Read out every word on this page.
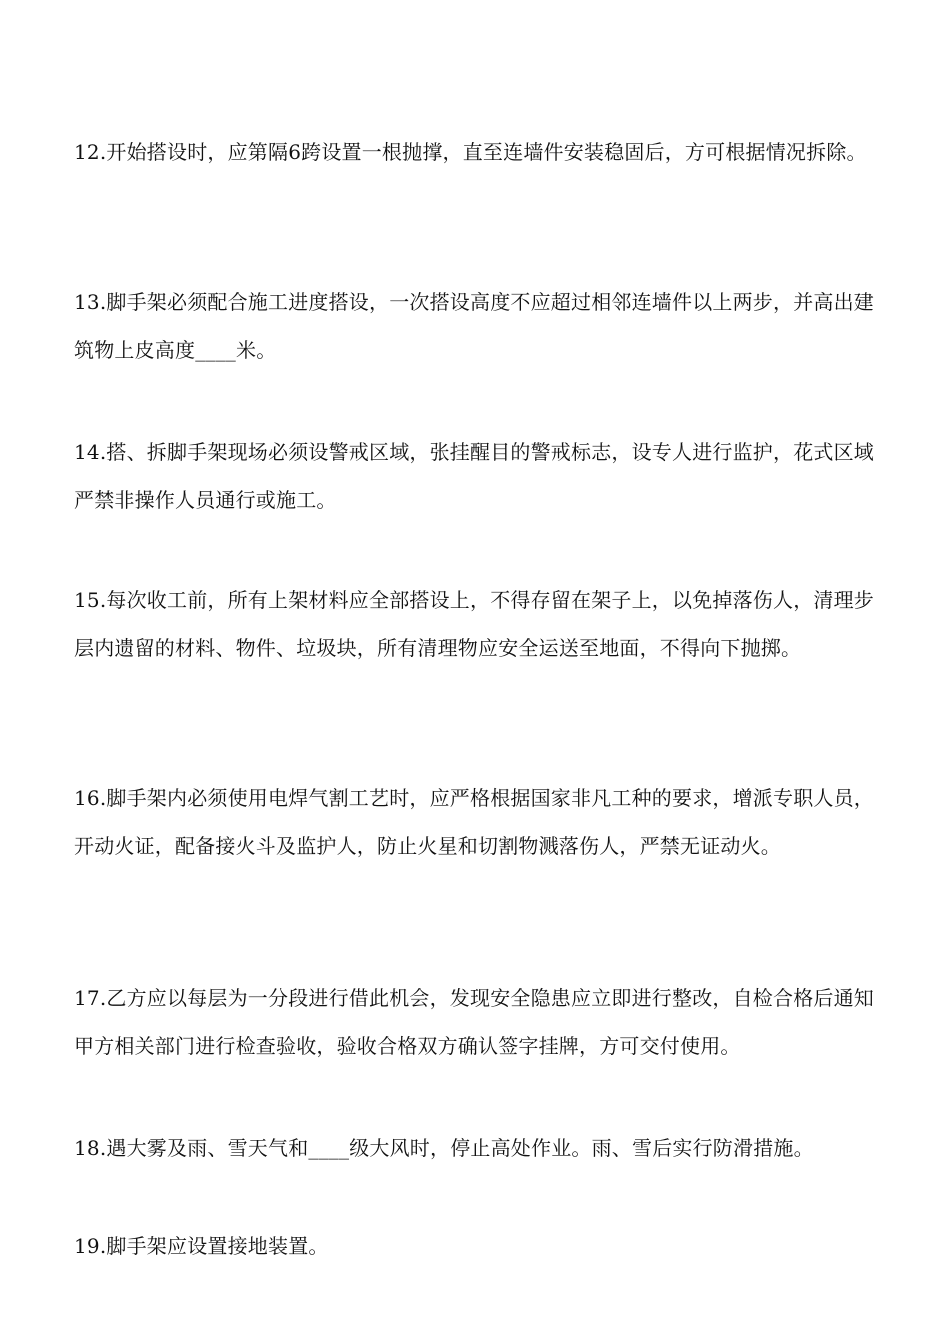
12.开始搭设时，应第隔6跨设置一根抛撑，直至连墙件安装稳固后，方可根据情况拆除。

13.脚手架必须配合施工进度搭设，一次搭设高度不应超过相邻连墙件以上两步，并高出建筑物上皮高度____米。

14.搭、拆脚手架现场必须设警戒区域，张挂醒目的警戒标志，设专人进行监护，花式区域严禁非操作人员通行或施工。

15.每次收工前，所有上架材料应全部搭设上，不得存留在架子上，以免掉落伤人，清理步层内遗留的材料、物件、垃圾块，所有清理物应安全运送至地面，不得向下抛掷。

16.脚手架内必须使用电焊气割工艺时，应严格根据国家非凡工种的要求，增派专职人员，开动火证，配备接火斗及监护人，防止火星和切割物溅落伤人，严禁无证动火。

17.乙方应以每层为一分段进行借此机会，发现安全隐患应立即进行整改，自检合格后通知甲方相关部门进行检查验收，验收合格双方确认签字挂牌，方可交付使用。

18.遇大雾及雨、雪天气和____级大风时，停止高处作业。雨、雪后实行防滑措施。

19.脚手架应设置接地装置。
